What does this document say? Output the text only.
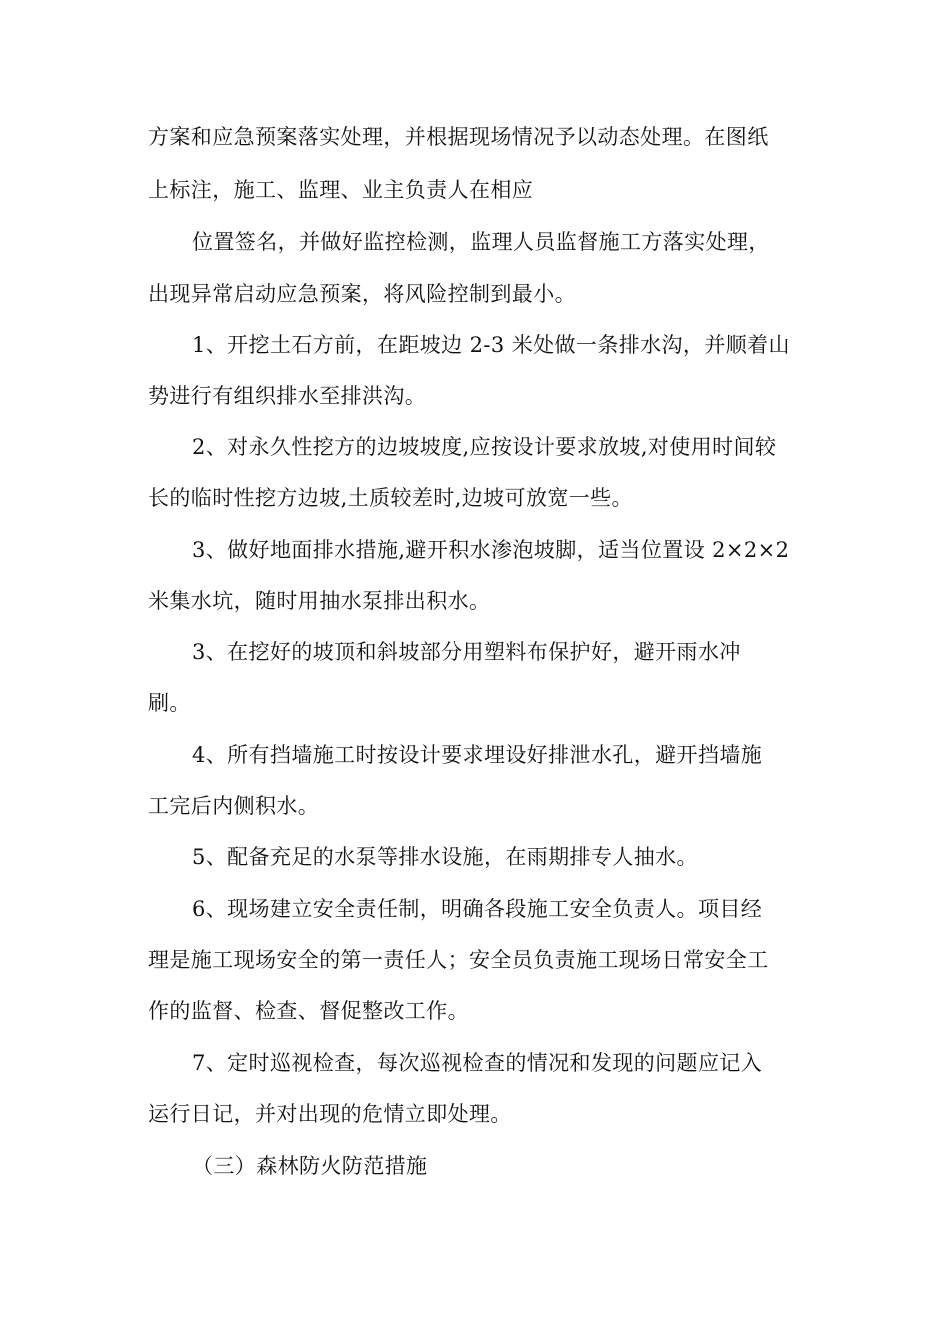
方案和应急预案落实处理，并根据现场情况予以动态处理。在图纸
上标注，施工、监理、业主负责人在相应
位置签名，并做好监控检测，监理人员监督施工方落实处理，
出现异常启动应急预案，将风险控制到最小。
1、开挖土石方前，在距坡边 2-3 米处做一条排水沟，并顺着山
势进行有组织排水至排洪沟。
2、对永久性挖方的边坡坡度,应按设计要求放坡,对使用时间较
长的临时性挖方边坡,土质较差时,边坡可放宽一些。
3、做好地面排水措施,避开积水渗泡坡脚，适当位置设 2×2×2
米集水坑，随时用抽水泵排出积水。
3、在挖好的坡顶和斜坡部分用塑料布保护好，避开雨水冲
刷。
4、所有挡墙施工时按设计要求埋设好排泄水孔，避开挡墙施
工完后内侧积水。
5、配备充足的水泵等排水设施，在雨期排专人抽水。
6、现场建立安全责任制，明确各段施工安全负责人。项目经
理是施工现场安全的第一责任人；安全员负责施工现场日常安全工
作的监督、检查、督促整改工作。
7、定时巡视检查，每次巡视检查的情况和发现的问题应记入
运行日记，并对出现的危情立即处理。
（三）森林防火防范措施
